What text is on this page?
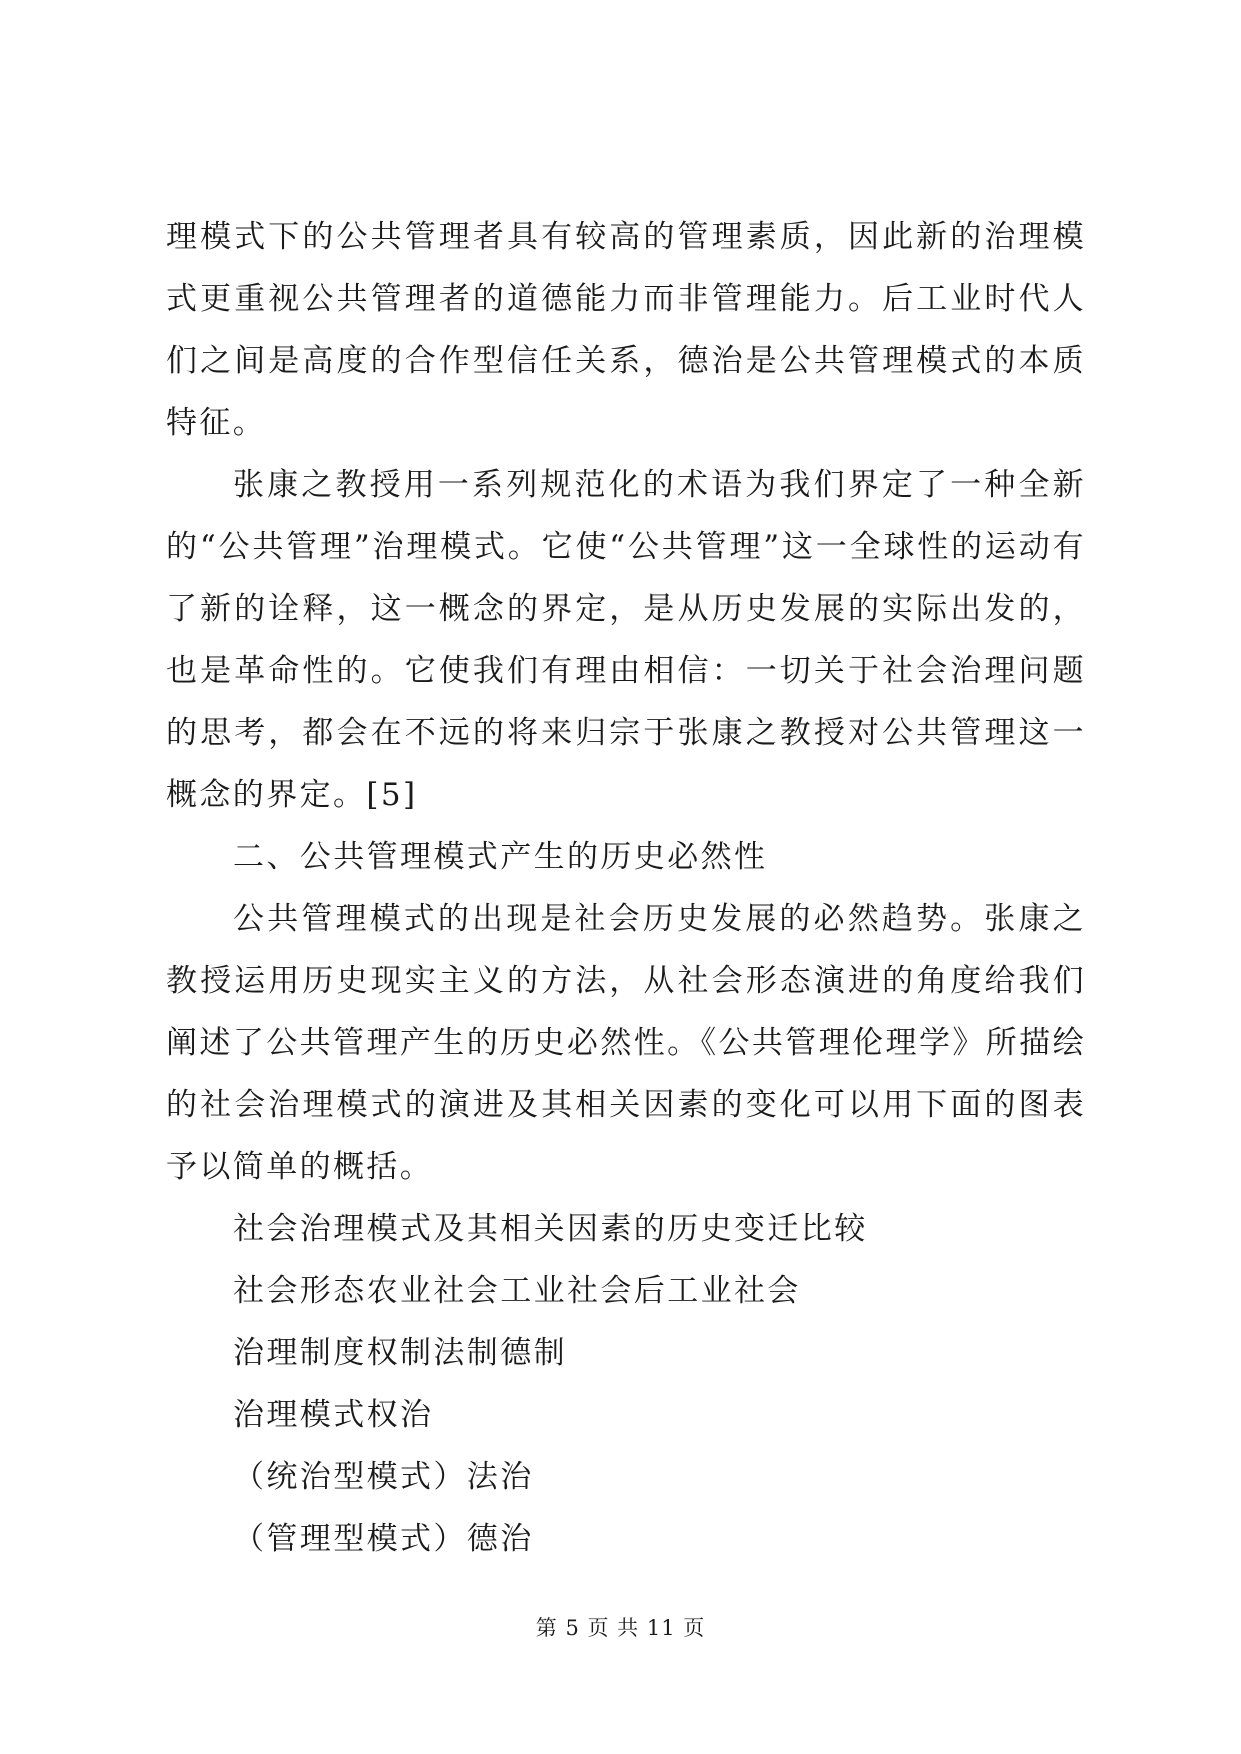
理模式下的公共管理者具有较高的管理素质，因此新的治理模式更重视公共管理者的道德能力而非管理能力。后工业时代人们之间是高度的合作型信任关系，德治是公共管理模式的本质特征。

张康之教授用一系列规范化的术语为我们界定了一种全新的“公共管理”治理模式。它使“公共管理”这一全球性的运动有了新的诠释，这一概念的界定，是从历史发展的实际出发的，也是革命性的。它使我们有理由相信：一切关于社会治理问题的思考，都会在不远的将来归宗于张康之教授对公共管理这一概念的界定。[5]

二、公共管理模式产生的历史必然性

公共管理模式的出现是社会历史发展的必然趋势。张康之教授运用历史现实主义的方法，从社会形态演进的角度给我们阐述了公共管理产生的历史必然性。《公共管理伦理学》所描绘的社会治理模式的演进及其相关因素的变化可以用下面的图表予以简单的概括。

社会治理模式及其相关因素的历史变迁比较

社会形态农业社会工业社会后工业社会

治理制度权制法制德制

治理模式权治

（统治型模式）法治

（管理型模式）德治

第 5 页 共 11 页
